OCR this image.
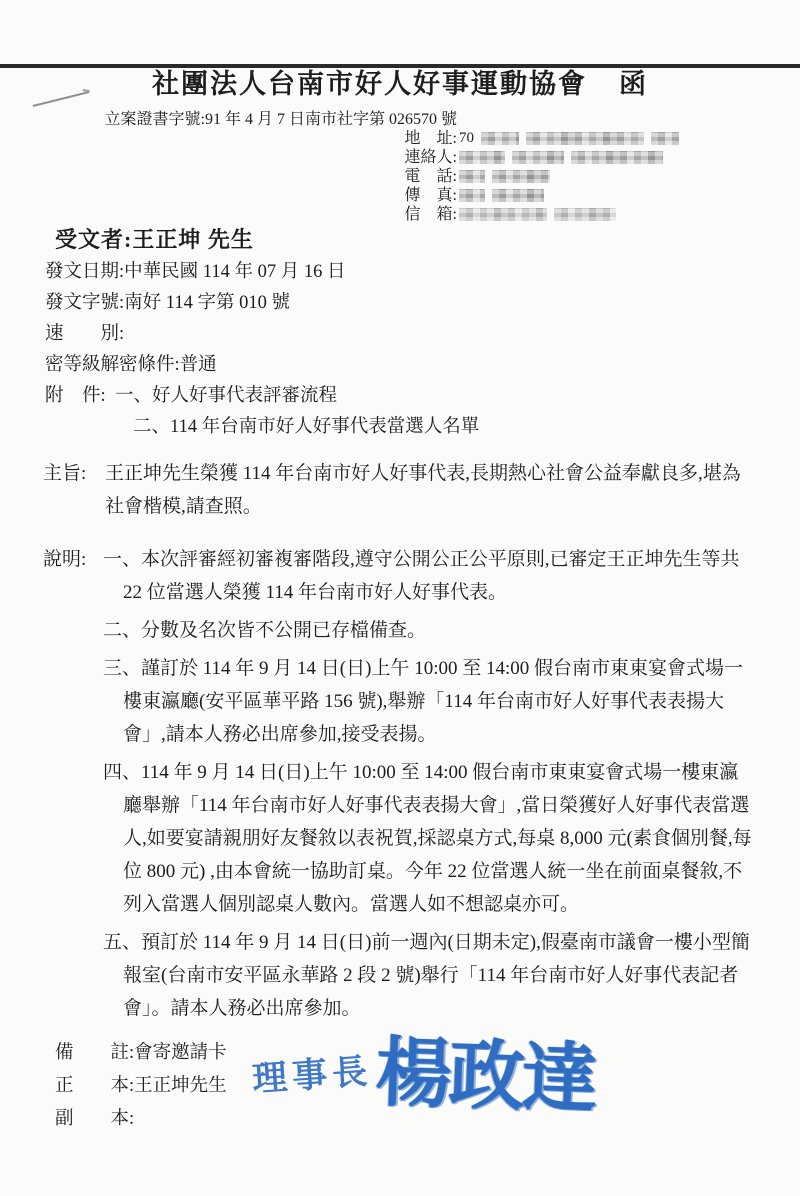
社團法人台南市好人好事運動協會 函
立案證書字號:91 年 4 月 7 日南市社字第 026570 號
地　址: 70
連絡人:
電　話:
傳　真:
信　箱:
受文者:王正坤 先生
發文日期:中華民國 114 年 07 月 16 日
發文字號:南好 114 字第 010 號
速　　別:
密等級解密條件:普通
附　件: 一、好人好事代表評審流程
二、114 年台南市好人好事代表當選人名單
主旨: 王正坤先生榮獲 114 年台南市好人好事代表,長期熱心社會公益奉獻良多,堪為社會楷模,請查照。
說明: 一、本次評審經初審複審階段,遵守公開公正公平原則,已審定王正坤先生等共 22 位當選人榮獲 114 年台南市好人好事代表。
二、分數及名次皆不公開已存檔備查。
三、謹訂於 114 年 9 月 14 日(日)上午 10:00 至 14:00 假台南市東東宴會式場一樓東瀛廳(安平區華平路 156 號),舉辦「114 年台南市好人好事代表表揚大會」,請本人務必出席參加,接受表揚。
四、114 年 9 月 14 日(日)上午 10:00 至 14:00 假台南市東東宴會式場一樓東瀛廳舉辦「114 年台南市好人好事代表表揚大會」,當日榮獲好人好事代表當選人,如要宴請親朋好友餐敘以表祝賀,採認桌方式,每桌 8,000 元(素食個別餐,每位 800 元) ,由本會統一協助訂桌。今年 22 位當選人統一坐在前面桌餐敘,不列入當選人個別認桌人數內。當選人如不想認桌亦可。
五、預訂於 114 年 9 月 14 日(日)前一週內(日期未定),假臺南市議會一樓小型簡報室(台南市安平區永華路 2 段 2 號)舉行「114 年台南市好人好事代表記者會」。請本人務必出席參加。
備　　註:會寄邀請卡
正　　本:王正坤先生
副　　本:
理事長 楊政達
